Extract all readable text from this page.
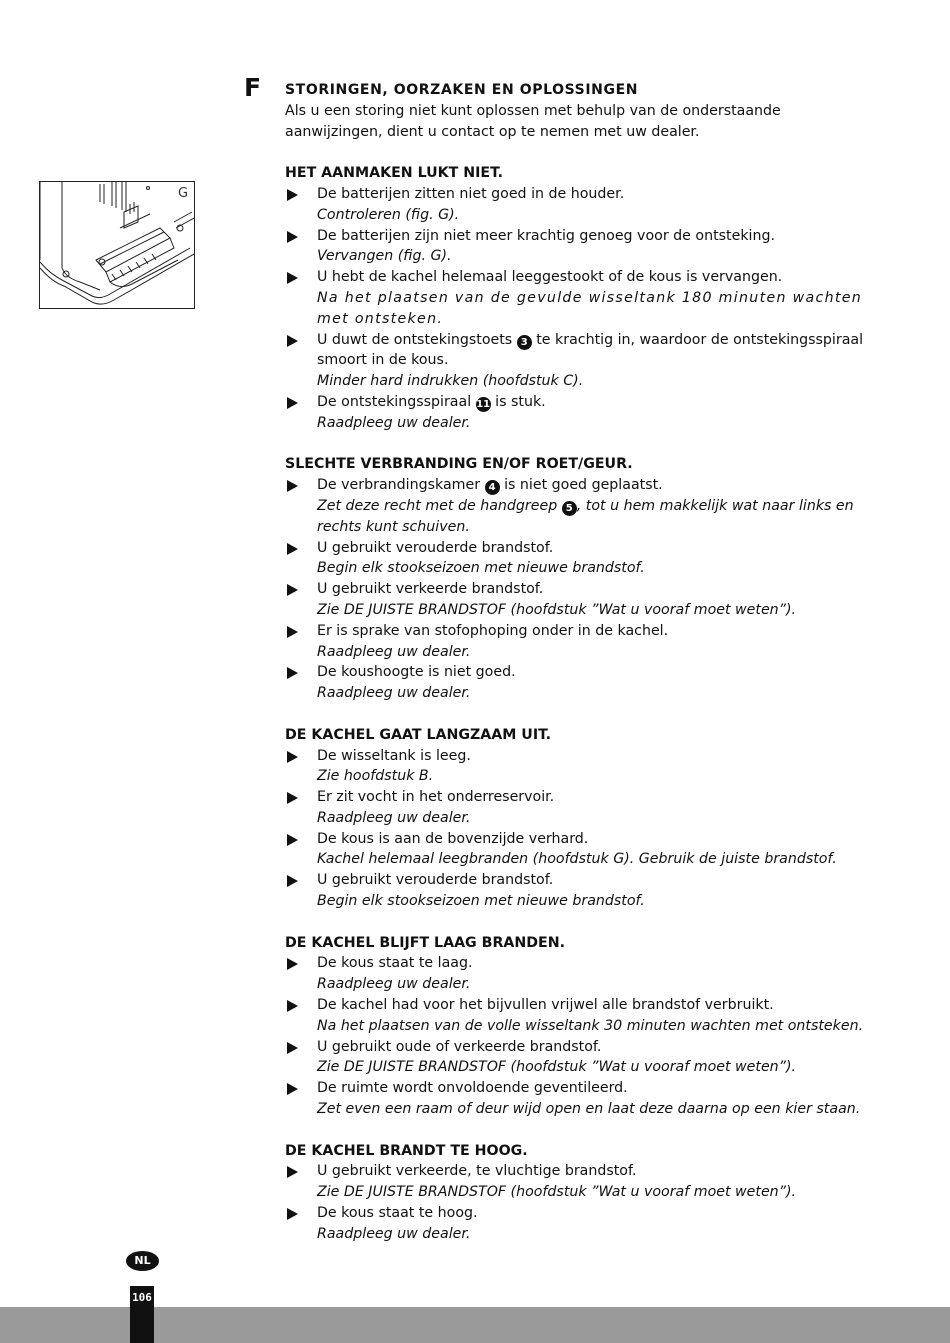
F
G
STORINGEN, OORZAKEN EN OPLOSSINGEN

Als u een storing niet kunt oplossen met behulp van de onderstaande aanwijzingen, dient u contact op te nemen met uw dealer.

HET AANMAKEN LUKT NIET.
De batterijen zitten niet goed in de houder.
Controleren (fig. G).
De batterijen zijn niet meer krachtig genoeg voor de ontsteking.
Vervangen (fig. G).
U hebt de kachel helemaal leeggestookt of de kous is vervangen.
Na het plaatsen van de gevulde wisseltank 180 minuten wachten met ontsteken.
U duwt de ontstekingstoets 3 te krachtig in, waardoor de ontstekingsspiraal smoort in de kous.
Minder hard indrukken (hoofdstuk C).
De ontstekingsspiraal 11 is stuk.
Raadpleeg uw dealer.
SLECHTE VERBRANDING EN/OF ROET/GEUR.
De verbrandingskamer 4 is niet goed geplaatst.
Zet deze recht met de handgreep 5 , tot u hem makkelijk wat naar links en rechts kunt schuiven.
U gebruikt verouderde brandstof.
Begin elk stookseizoen met nieuwe brandstof.
U gebruikt verkeerde brandstof.
Zie DE JUISTE BRANDSTOF (hoofdstuk ”Wat u vooraf moet weten”).
Er is sprake van stofophoping onder in de kachel.
Raadpleeg uw dealer.
De koushoogte is niet goed.
Raadpleeg uw dealer.
DE KACHEL GAAT LANGZAAM UIT.
De wisseltank is leeg.
Zie hoofdstuk B.
Er zit vocht in het onderreservoir.
Raadpleeg uw dealer.
De kous is aan de bovenzijde verhard.
Kachel helemaal leegbranden (hoofdstuk G). Gebruik de juiste brandstof.
U gebruikt verouderde brandstof.
Begin elk stookseizoen met nieuwe brandstof.
DE KACHEL BLIJFT LAAG BRANDEN.
De kous staat te laag.
Raadpleeg uw dealer.
De kachel had voor het bijvullen vrijwel alle brandstof verbruikt.
Na het plaatsen van de volle wisseltank 30 minuten wachten met ontsteken.
U gebruikt oude of verkeerde brandstof.
Zie DE JUISTE BRANDSTOF (hoofdstuk ”Wat u vooraf moet weten”).
De ruimte wordt onvoldoende geventileerd.
Zet even een raam of deur wijd open en laat deze daarna op een kier staan.
DE KACHEL BRANDT TE HOOG.
U gebruikt verkeerde, te vluchtige brandstof.
Zie DE JUISTE BRANDSTOF (hoofdstuk ”Wat u vooraf moet weten”).
De kous staat te hoog.
Raadpleeg uw dealer.
NL
106
